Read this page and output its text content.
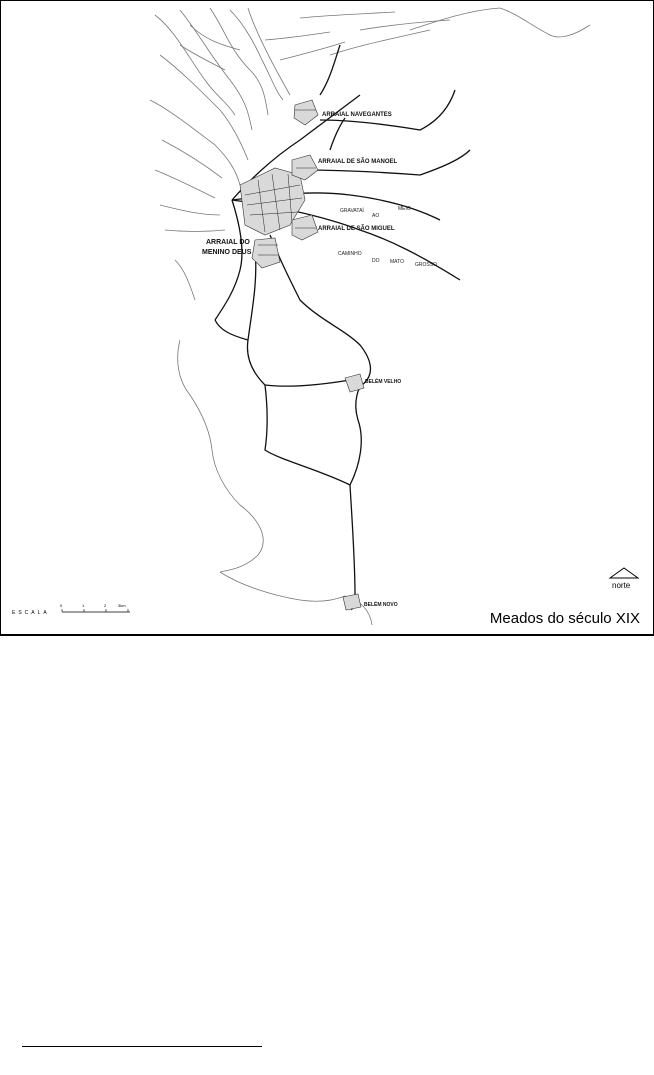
ARRAIAL NAVEGANTES
ARRAIAL DE SÃO MANOEL
ARRAIAL DE SÃO MIGUEL
ARRAIAL DO
MENINO DEUS
BELÉM VELHO
BELÉM NOVO
GRAVATAÍ
AO
MEIO
CAMINHO
DO MATO GROSSO
norte
ESCALA
0	1	2	3km
Meados do século XIX
